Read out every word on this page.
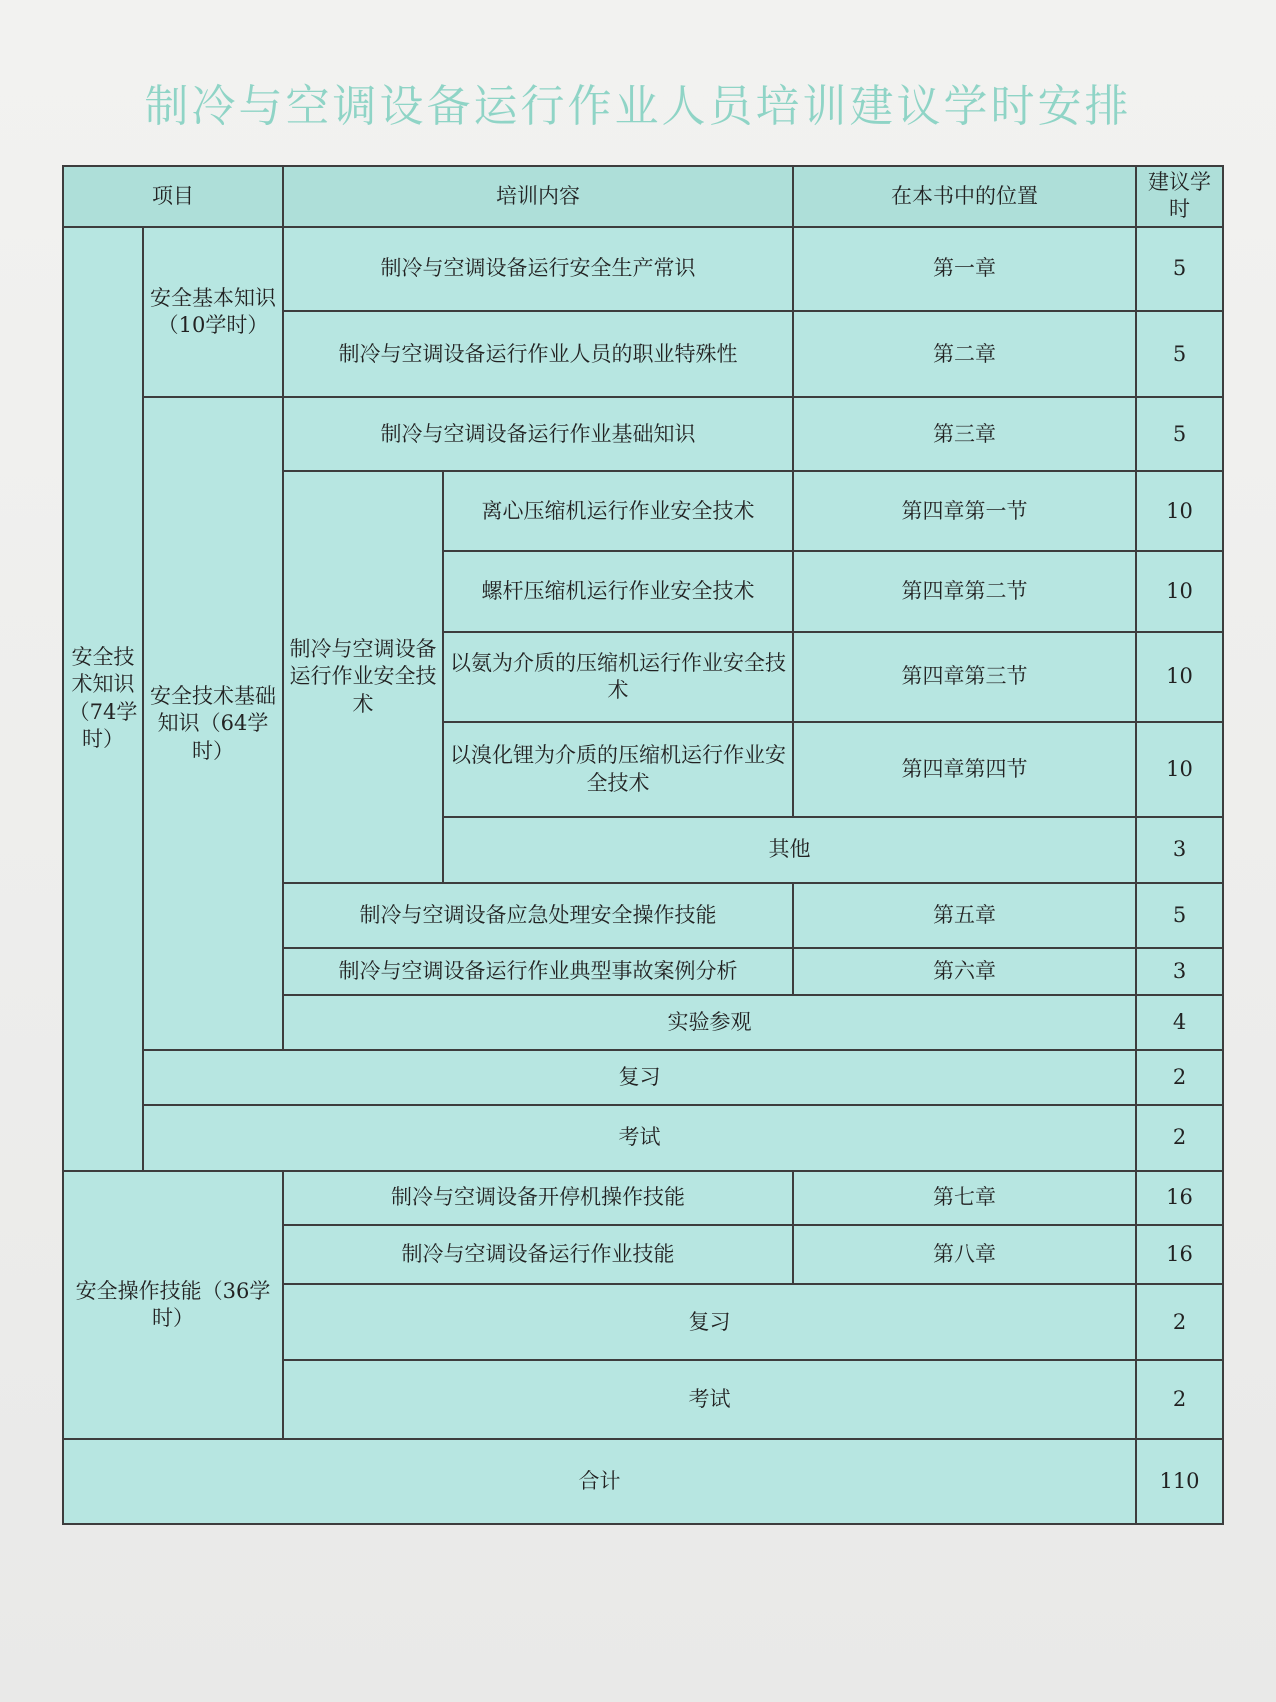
制冷与空调设备运行作业人员培训建议学时安排
项目		培训内容		在本书中的位置	建议学时
安全技术知识（74学时）	安全基本知识（10学时）	制冷与空调设备运行安全生产常识		第一章	5
		制冷与空调设备运行作业人员的职业特殊性		第二章	5
	安全技术基础知识（64学时）	制冷与空调设备运行作业基础知识		第三章	5
		制冷与空调设备运行作业安全技术	离心压缩机运行作业安全技术	第四章第一节	10
			螺杆压缩机运行作业安全技术	第四章第二节	10
			以氨为介质的压缩机运行作业安全技术	第四章第三节	10
			以溴化锂为介质的压缩机运行作业安全技术	第四章第四节	10
			其他		3
		制冷与空调设备应急处理安全操作技能		第五章	5
		制冷与空调设备运行作业典型事故案例分析		第六章	3
		实验参观			4
	复习				2
	考试				2
安全操作技能（36学时）		制冷与空调设备开停机操作技能		第七章	16
		制冷与空调设备运行作业技能		第八章	16
		复习			2
		考试			2
合计					110
